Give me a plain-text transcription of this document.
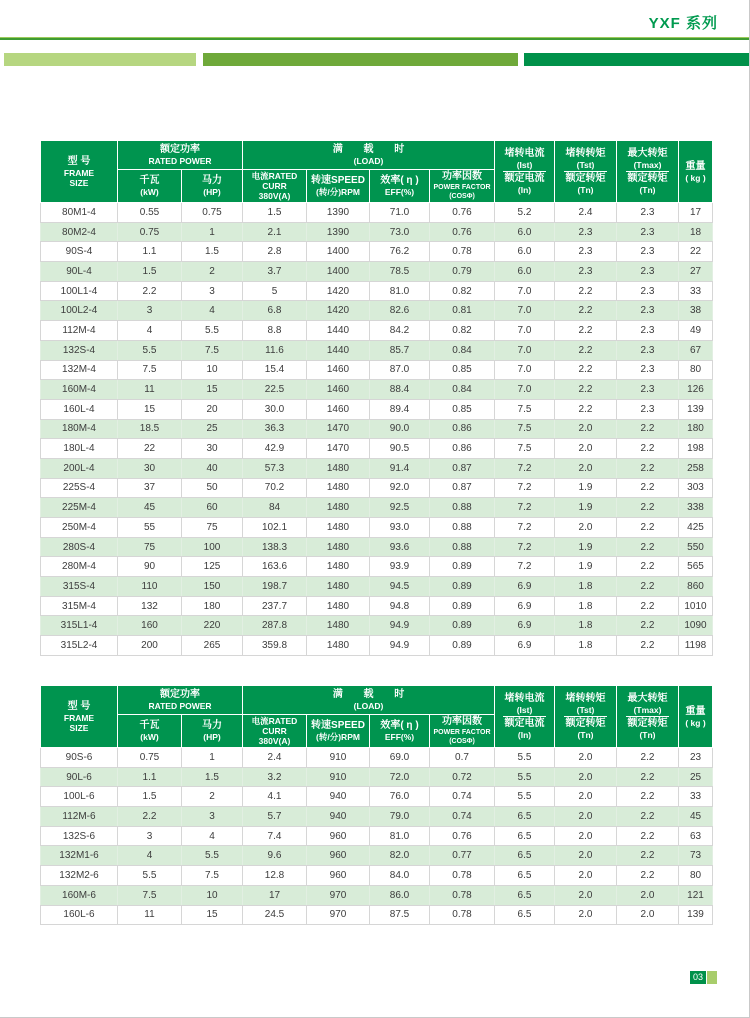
YXF 系列
型 号
FRAME
SIZE

额定功率
RATED POWER

满 载 时
(LOAD)

堵转电流
(Ist)
额定电流
(In)

堵转转矩
(Tst)
额定转矩
(Tn)

最大转矩
(Tmax)
额定转矩
(Tn)

重量
( kg )

千瓦
(kW)

马力
(HP)

电流RATED CURR
380V(A)

转速SPEED
(转/分)RPM

效率( η )
EFF(%)

功率因数
POWER FACTOR
(COSΦ)

80M1-4	0.55	0.75	1.5	1390	71.0	0.76	5.2	2.4	2.3	17
80M2-4	0.75	1	2.1	1390	73.0	0.76	6.0	2.3	2.3	18
90S-4	1.1	1.5	2.8	1400	76.2	0.78	6.0	2.3	2.3	22
90L-4	1.5	2	3.7	1400	78.5	0.79	6.0	2.3	2.3	27
100L1-4	2.2	3	5	1420	81.0	0.82	7.0	2.2	2.3	33
100L2-4	3	4	6.8	1420	82.6	0.81	7.0	2.2	2.3	38
112M-4	4	5.5	8.8	1440	84.2	0.82	7.0	2.2	2.3	49
132S-4	5.5	7.5	11.6	1440	85.7	0.84	7.0	2.2	2.3	67
132M-4	7.5	10	15.4	1460	87.0	0.85	7.0	2.2	2.3	80
160M-4	11	15	22.5	1460	88.4	0.84	7.0	2.2	2.3	126
160L-4	15	20	30.0	1460	89.4	0.85	7.5	2.2	2.3	139
180M-4	18.5	25	36.3	1470	90.0	0.86	7.5	2.0	2.2	180
180L-4	22	30	42.9	1470	90.5	0.86	7.5	2.0	2.2	198
200L-4	30	40	57.3	1480	91.4	0.87	7.2	2.0	2.2	258
225S-4	37	50	70.2	1480	92.0	0.87	7.2	1.9	2.2	303
225M-4	45	60	84	1480	92.5	0.88	7.2	1.9	2.2	338
250M-4	55	75	102.1	1480	93.0	0.88	7.2	2.0	2.2	425
280S-4	75	100	138.3	1480	93.6	0.88	7.2	1.9	2.2	550
280M-4	90	125	163.6	1480	93.9	0.89	7.2	1.9	2.2	565
315S-4	110	150	198.7	1480	94.5	0.89	6.9	1.8	2.2	860
315M-4	132	180	237.7	1480	94.8	0.89	6.9	1.8	2.2	1010
315L1-4	160	220	287.8	1480	94.9	0.89	6.9	1.8	2.2	1090
315L2-4	200	265	359.8	1480	94.9	0.89	6.9	1.8	2.2	1198
型 号
FRAME
SIZE

额定功率
RATED POWER

满 载 时
(LOAD)

堵转电流
(Ist)
额定电流
(In)

堵转转矩
(Tst)
额定转矩
(Tn)

最大转矩
(Tmax)
额定转矩
(Tn)

重量
( kg )

千瓦
(kW)

马力
(HP)

电流RATED CURR
380V(A)

转速SPEED
(转/分)RPM

效率( η )
EFF(%)

功率因数
POWER FACTOR
(COSΦ)

90S-6	0.75	1	2.4	910	69.0	0.7	5.5	2.0	2.2	23
90L-6	1.1	1.5	3.2	910	72.0	0.72	5.5	2.0	2.2	25
100L-6	1.5	2	4.1	940	76.0	0.74	5.5	2.0	2.2	33
112M-6	2.2	3	5.7	940	79.0	0.74	6.5	2.0	2.2	45
132S-6	3	4	7.4	960	81.0	0.76	6.5	2.0	2.2	63
132M1-6	4	5.5	9.6	960	82.0	0.77	6.5	2.0	2.2	73
132M2-6	5.5	7.5	12.8	960	84.0	0.78	6.5	2.0	2.2	80
160M-6	7.5	10	17	970	86.0	0.78	6.5	2.0	2.0	121
160L-6	11	15	24.5	970	87.5	0.78	6.5	2.0	2.0	139
03
